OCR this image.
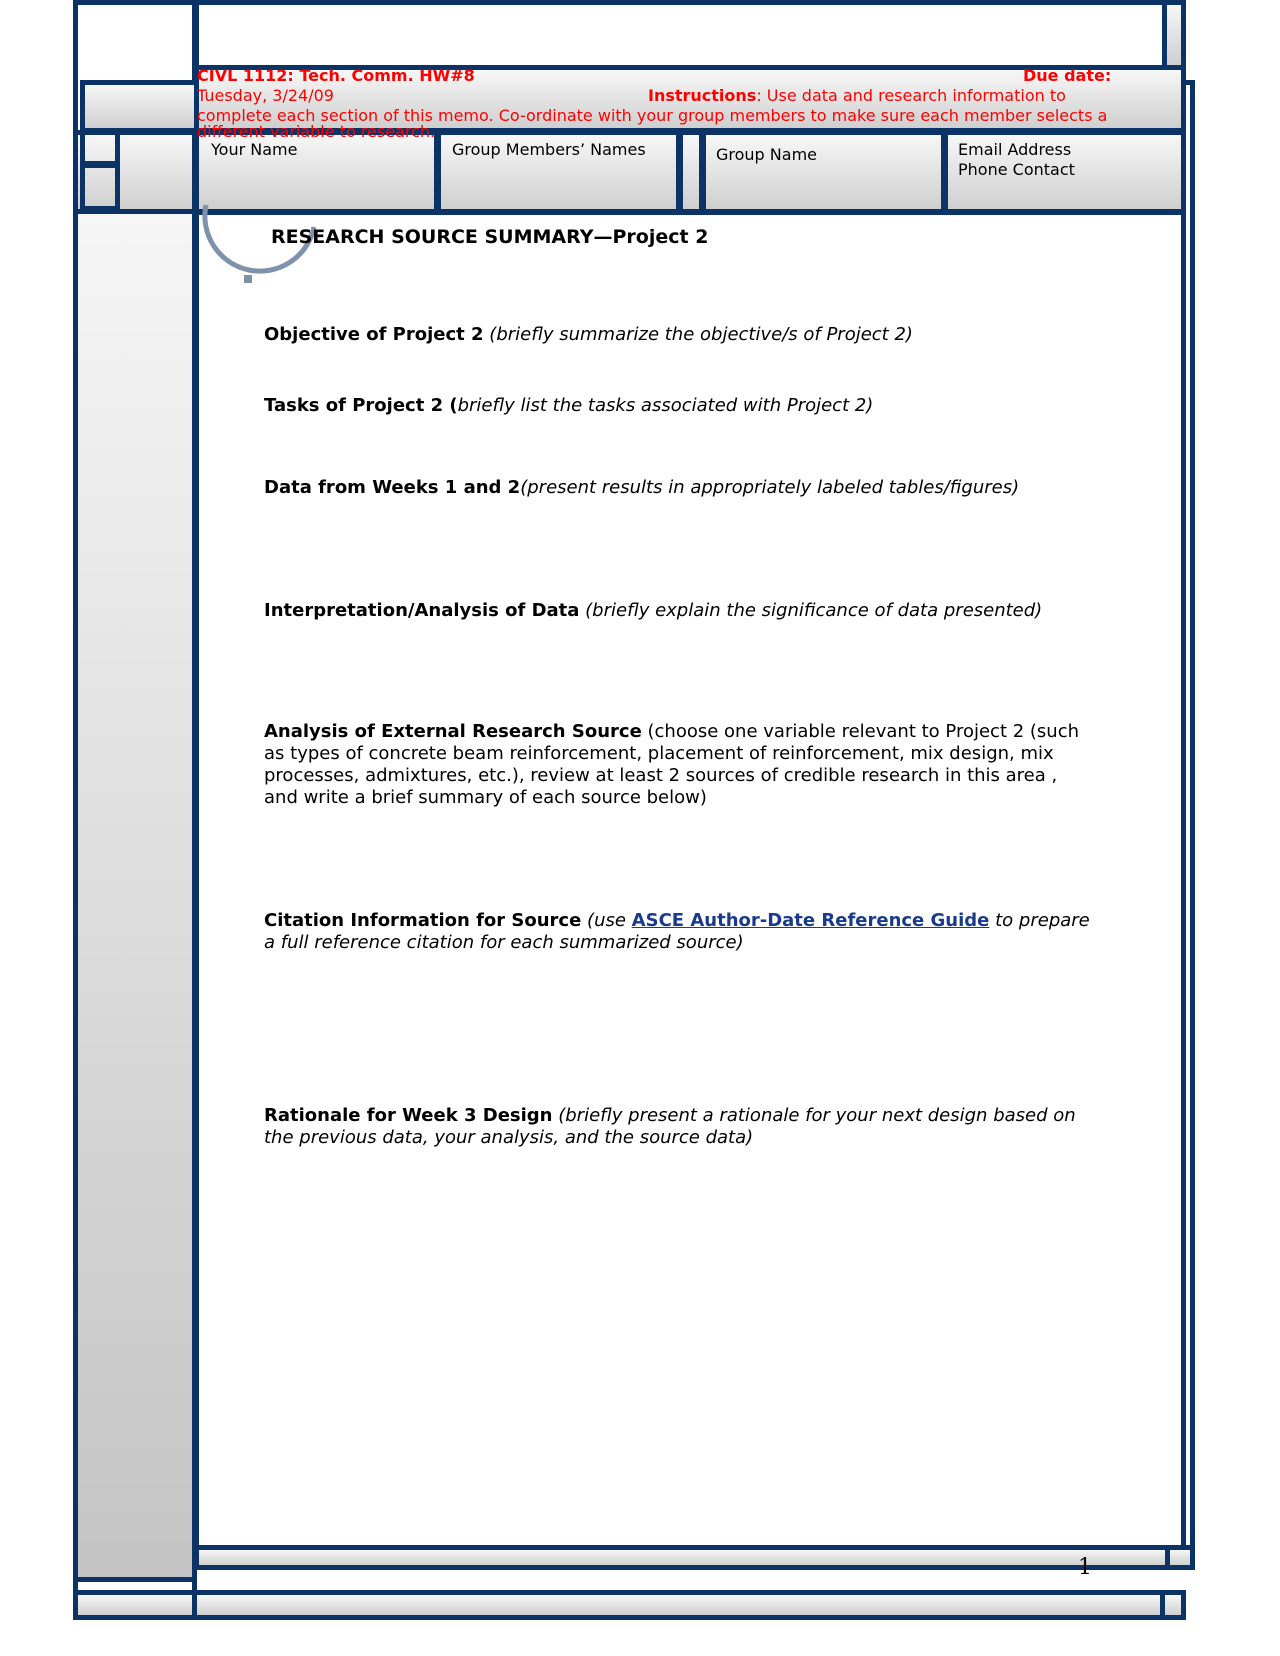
CIVL 1112: Tech. Comm. HW#8	Due date:
Tuesday, 3/24/09	Instructions: Use data and research information to
complete each section of this memo. Co-ordinate with your group members to make sure each member selects a
Your Name	Group Members’ Names	Group Name	Email Address
Phone Contact
RESEARCH SOURCE SUMMARY—Project 2
Objective of Project 2 (briefly summarize the objective/s of Project 2)
Tasks of Project 2 (briefly list the tasks associated with Project 2)
Data from Weeks 1 and 2(present results in appropriately labeled tables/figures)
Interpretation/Analysis of Data (briefly explain the significance of data presented)
Analysis of External Research Source (choose one variable relevant to Project 2 (such as types of concrete beam reinforcement, placement of reinforcement, mix design, mix processes, admixtures, etc.), review at least 2 sources of credible research in this area , and write a brief summary of each source below)
Citation Information for Source (use ASCE Author-Date Reference Guide to prepare a full reference citation for each summarized source)
Rationale for Week 3 Design (briefly present a rationale for your next design based on the previous data, your analysis, and the source data)
1
